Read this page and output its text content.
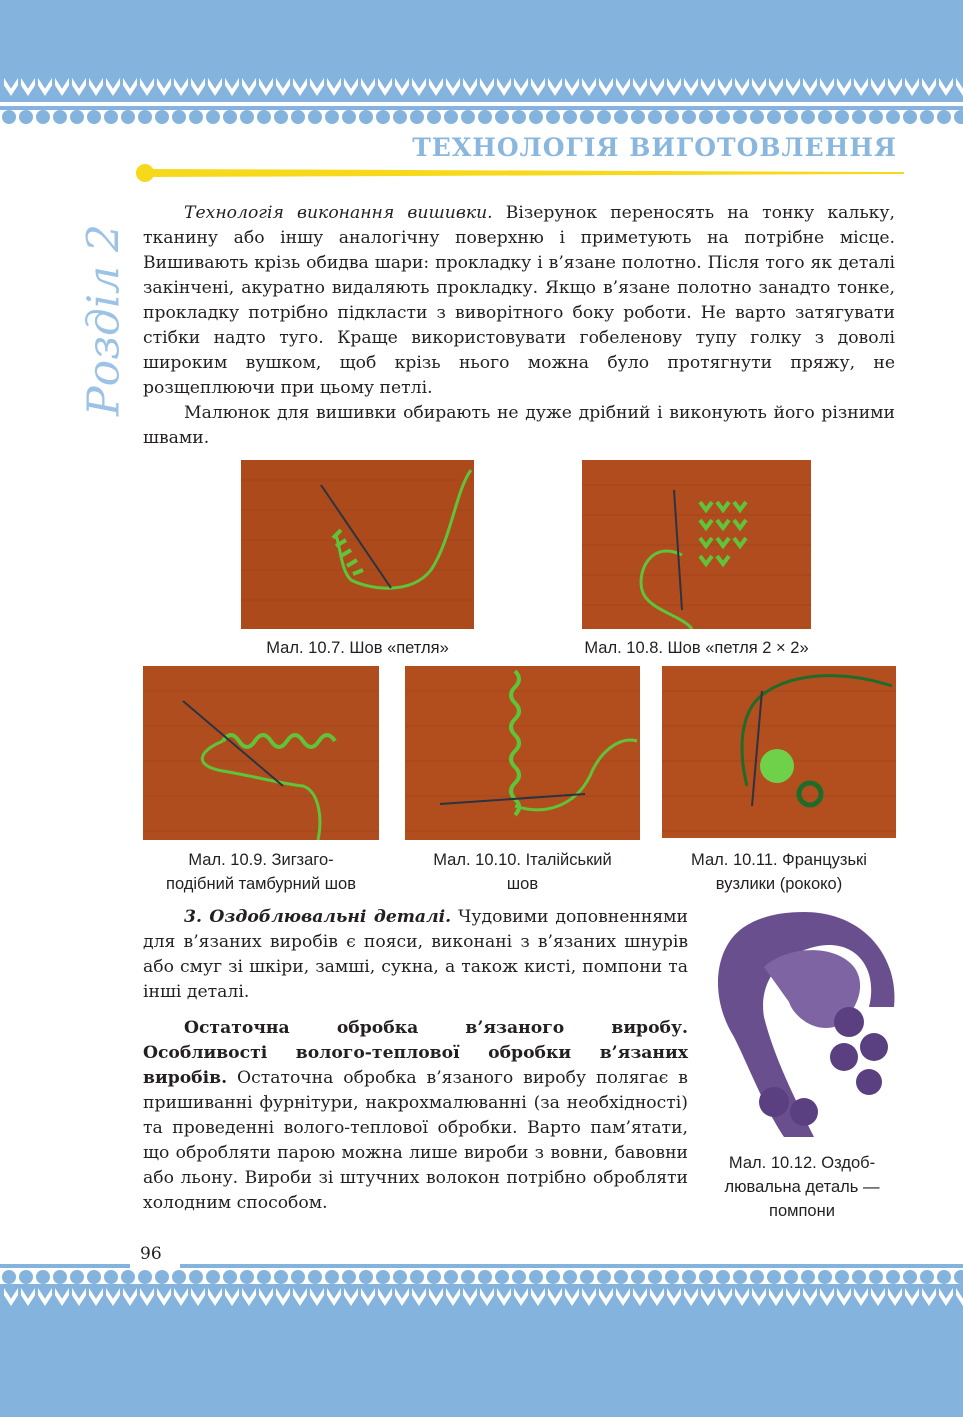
ТЕХНОЛОГІЯ ВИГОТОВЛЕННЯ
Розділ 2

Технологія виконання вишивки. Візерунок переносять на тонку кальку, тканину або іншу аналогічну поверхню і приметують на потрібне місце. Вишивають крізь обидва шари: прокладку і в’язане полотно. Після того як деталі закінчені, акуратно видаляють прокладку. Якщо в’язане полотно занадто тонке, прокладку потрібно підкласти з виворітного боку роботи. Не варто затягувати стібки надто туго. Краще використовувати гобеленову тупу голку з доволі широким вушком, щоб крізь нього можна було протягнути пряжу, не розщеплюючи при цьому петлі.

Малюнок для вишивки обирають не дуже дрібний і виконують його різними швами.

Мал. 10.7. Шов «петля»	Мал. 10.8. Шов «петля 2 × 2»
Мал. 10.9. Зигзаго-
подібний тамбурний шов
Мал. 10.10. Італійський
шов
Мал. 10.11. Французькі
вузлики (рококо)

3. Оздоблювальні деталі. Чудовими доповненнями для в’язаних виробів є пояси, виконані з в’язаних шнурів або смуг зі шкіри, замші, сукна, а також кисті, помпони та інші деталі.

Остаточна обробка в’язаного виробу. Особливості волого-теплової обробки в’язаних виробів. Остаточна обробка в’язаного виробу полягає в пришиванні фурнітури, накрохмалюванні (за необхідності) та проведенні волого-теплової обробки. Варто пам’ятати, що обробляти парою можна лише вироби з вовни, бавовни або льону. Вироби зі штучних волокон потрібно обробляти холодним способом.

Мал. 10.12. Оздоб-
лювальна деталь —
помпони
96
